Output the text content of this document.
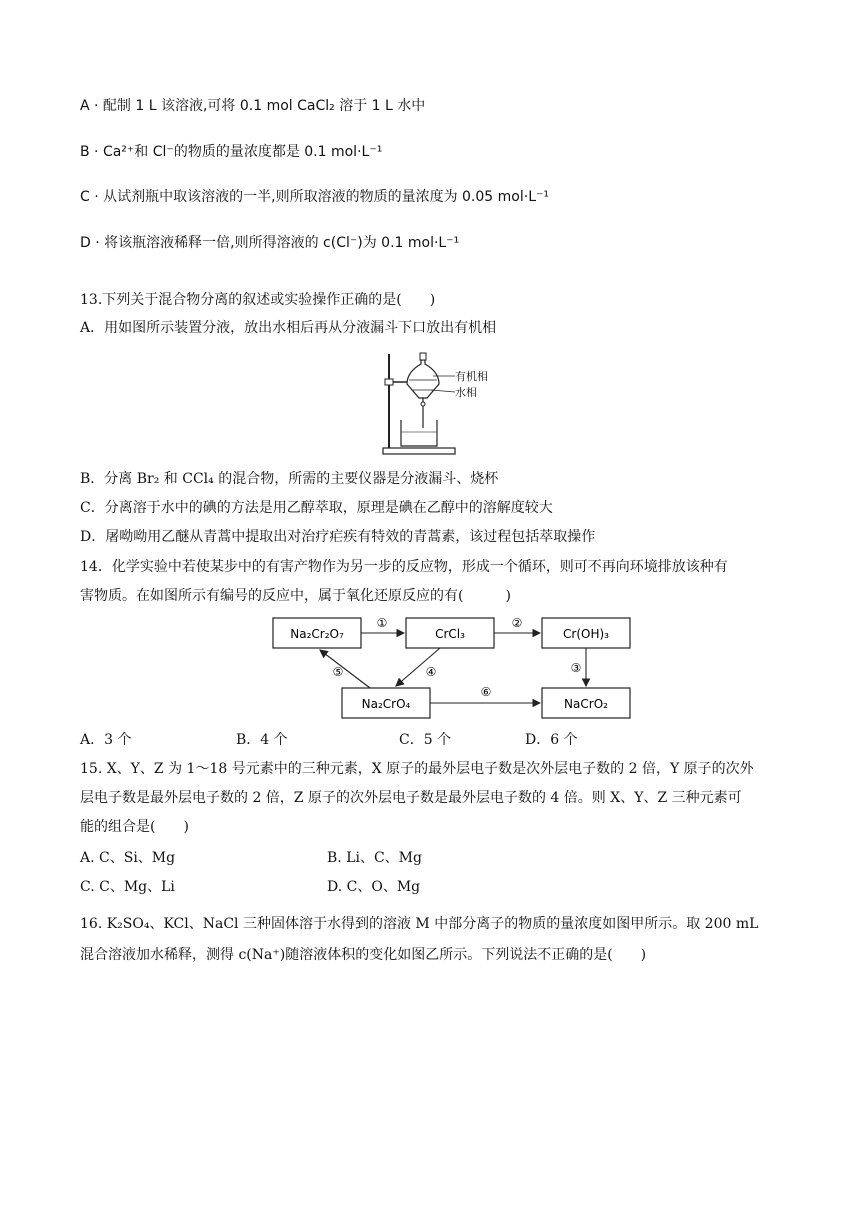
A · 配制 1 L 该溶液,可将 0.1 mol CaCl₂ 溶于 1 L 水中
B · Ca²⁺和 Cl⁻的物质的量浓度都是 0.1 mol·L⁻¹
C · 从试剂瓶中取该溶液的一半,则所取溶液的物质的量浓度为 0.05 mol·L⁻¹
D · 将该瓶溶液稀释一倍,则所得溶液的 c(Cl⁻)为 0.1 mol·L⁻¹
13.下列关于混合物分离的叙述或实验操作正确的是(　　)
A．用如图所示装置分液，放出水相后再从分液漏斗下口放出有机相
有机相
水相
B．分离 Br₂ 和 CCl₄ 的混合物，所需的主要仪器是分液漏斗、烧杯
C．分离溶于水中的碘的方法是用乙醇萃取，原理是碘在乙醇中的溶解度较大
D．屠呦呦用乙醚从青蒿中提取出对治疗疟疾有特效的青蒿素，该过程包括萃取操作
14．化学实验中若使某步中的有害产物作为另一步的反应物，形成一个循环，则可不再向环境排放该种有
害物质。在如图所示有编号的反应中，属于氧化还原反应的有(　　　)
Na₂Cr₂O₇	CrCl₃	Cr(OH)₃
Na₂CrO₄	NaCrO₂
①	②
③
④
⑤
⑥
A．3 个	B．4 个	C．5 个	D．6 个
15. X、Y、Z 为 1～18 号元素中的三种元素，X 原子的最外层电子数是次外层电子数的 2 倍，Y 原子的次外
层电子数是最外层电子数的 2 倍，Z 原子的次外层电子数是最外层电子数的 4 倍。则 X、Y、Z 三种元素可
能的组合是(　　)
A. C、Si、Mg	B. Li、C、Mg
C. C、Mg、Li	D. C、O、Mg
16. K₂SO₄、KCl、NaCl 三种固体溶于水得到的溶液 M 中部分离子的物质的量浓度如图甲所示。取 200 mL
混合溶液加水稀释，测得 c(Na⁺)随溶液体积的变化如图乙所示。下列说法不正确的是(　　)
